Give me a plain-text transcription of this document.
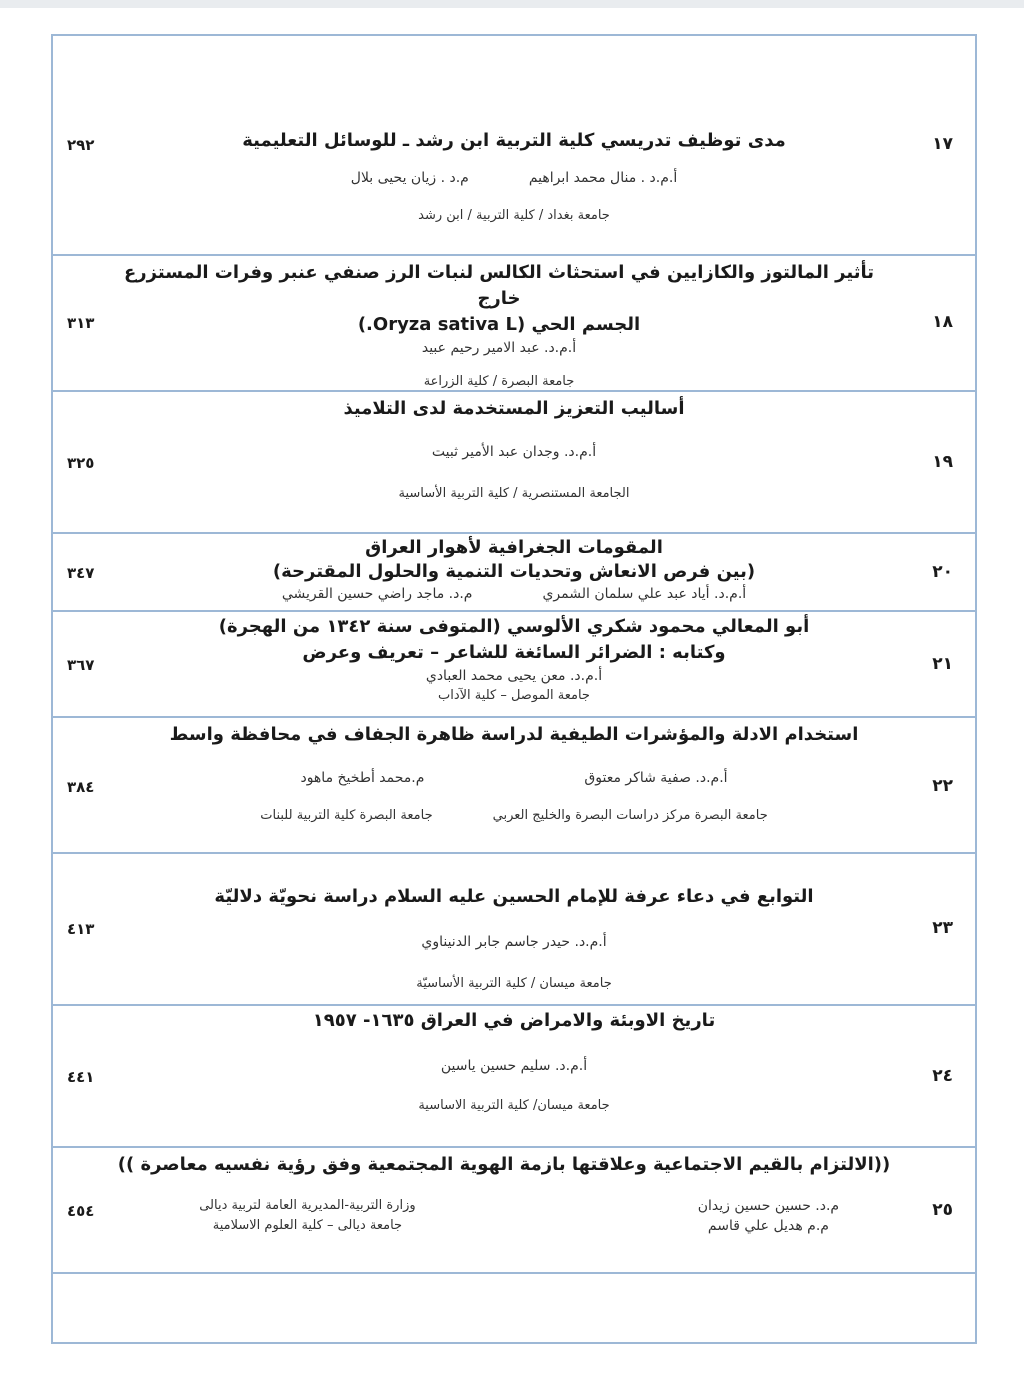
١٧
٢٩٢	مدى توظيف تدريسي كلية التربية ابن رشد ـ للوسائل التعليمية
أ.م.د . منال محمد ابراهيم
م.د . زيان يحيى بلال
جامعة بغداد / كلية التربية / ابن رشد
١٨
٣١٣
تأثير المالتوز والكازايين في استحثاث الكالس لنبات الرز صنفي عنبر وفرات المستزرع خارج
الجسم الحي (Oryza sativa L.)
أ.م.د. عبد الامير رحيم عبيد
جامعة البصرة / كلية الزراعة
١٩
٣٢٥
أساليب التعزيز المستخدمة لدى التلاميذ
أ.م.د. وجدان عبد الأمير ثبيت
الجامعة المستنصرية / كلية التربية الأساسية
٢٠
٣٤٧
المقومات الجغرافية لأهوار العراق
(بين فرص الانعاش وتحديات التنمية والحلول المقترحة)
أ.م.د. أياد عبد علي سلمان الشمري
م.د. ماجد راضي حسين القريشي
٢١
٣٦٧
أبو المعالي محمود شكري الألوسي (المتوفى سنة ١٣٤٢ من الهجرة)
وكتابه : الضرائر السائغة للشاعر – تعريف وعرض
أ.م.د. معن يحيى محمد العبادي
جامعة الموصل – كلية الآداب
٢٢
٣٨٤
استخدام الادلة والمؤشرات الطيفية لدراسة ظاهرة الجفاف في محافظة واسط
أ.م.د. صفية شاكر معتوق
م.محمد أطخيخ ماهود
جامعة البصرة مركز دراسات البصرة والخليج العربي
جامعة البصرة كلية التربية للبنات
٢٣
٤١٣
التوابع في دعاء عرفة للإمام الحسين عليه السلام دراسة نحويّة دلاليّة
أ.م.د. حيدر جاسم جابر الدنيناوي
جامعة ميسان / كلية التربية الأساسيّة
٢٤
٤٤١
تاريخ الاوبئة والامراض في العراق ١٦٣٥- ١٩٥٧
أ.م.د. سليم حسين ياسين
جامعة ميسان/ كلية التربية الاساسية
٢٥
٤٥٤
((الالتزام بالقيم الاجتماعية وعلاقتها بازمة الهوية المجتمعية وفق رؤية نفسيه معاصرة ))
م.د. حسين حسين زيدان م.م هديل علي قاسم
وزارة التربية-المديرية العامة لتربية ديالى جامعة ديالى – كلية العلوم الاسلامية
